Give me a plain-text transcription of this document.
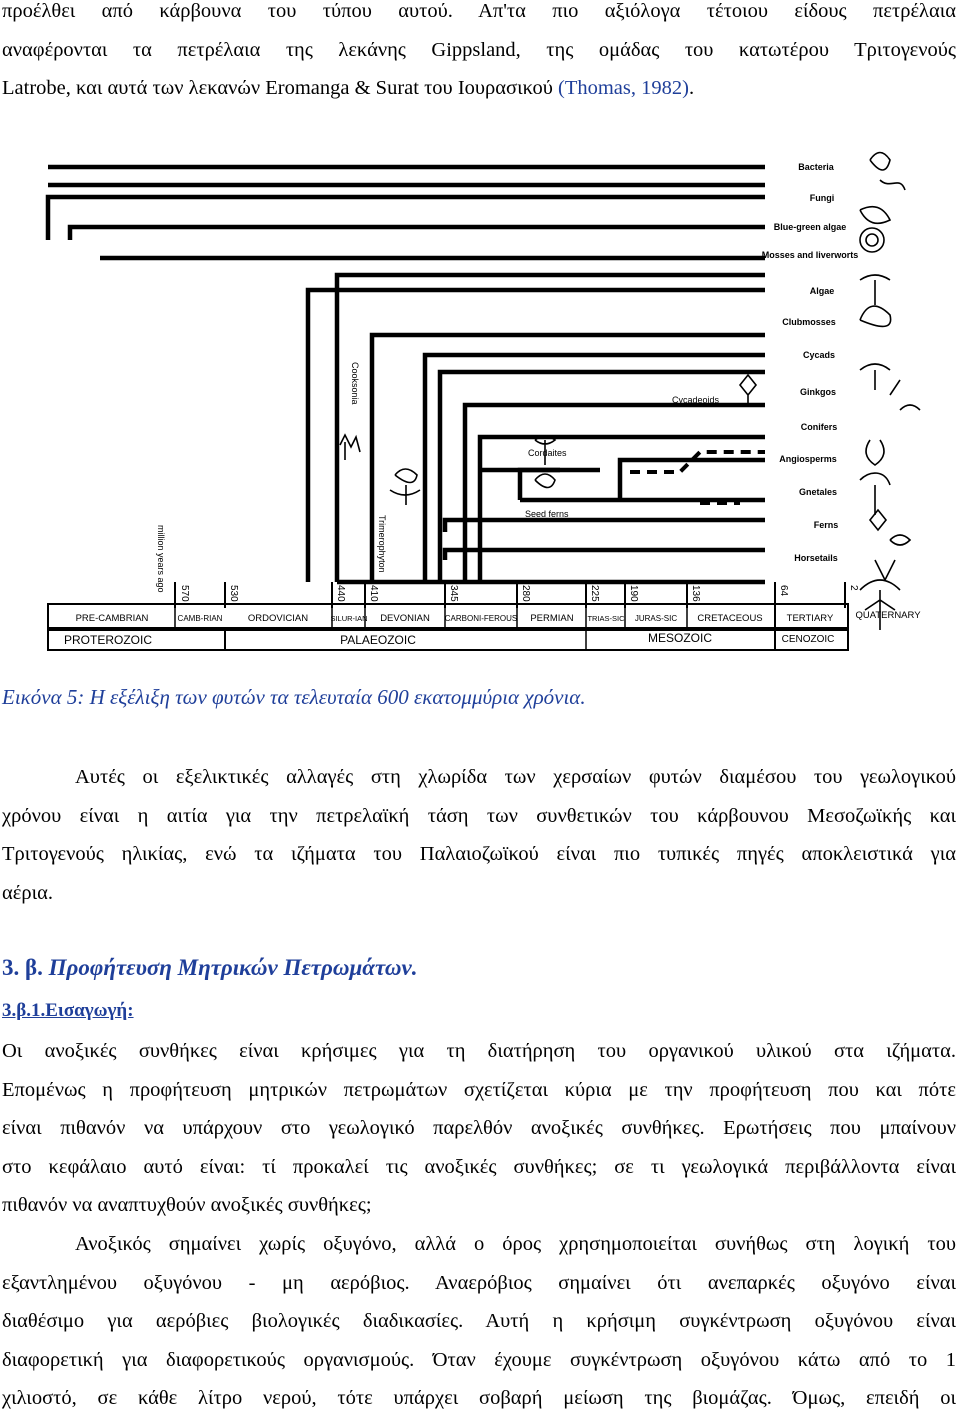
προέλθει από κάρβουνα του τύπου αυτού. Απ'τα πιο αξιόλογα τέτοιου είδους πετρέλαια
αναφέρονται τα πετρέλαια της λεκάνης Gippsland, της ομάδας του κατωτέρου Τριτογενούς
Latrobe, και αυτά των λεκανών Eromanga & Surat του Ιουρασικού (Thomas, 1982).
Bacteria
Fungi
Blue-green algae
Mosses and liverworts
Algae
Clubmosses
Cycads
Ginkgos
Conifers
Angiosperms
Gnetales
Ferns
Horsetails
Cooksonia
Trimerophyton
Cordaites
Seed ferns
Cycadeoids
million years ago
570	530	440 410	345	280	225	190	136	64	2
PRE-CAMBRIAN	CAMB-RIAN	ORDOVICIAN	SILUR-IAN DEVONIAN CARBONI-FEROUS PERMIAN TRIAS-SIC JURAS-SIC CRETACEOUS	TERTIARY QUATERNARY
PROTEROZOIC	PALAEOZOIC	MESOZOIC	CENOZOIC

Εικόνα 5: Η εξέλιξη των φυτών τα τελευταία 600 εκατομμύρια χρόνια.

Αυτές οι εξελικτικές αλλαγές στη χλωρίδα των χερσαίων φυτών διαμέσου του γεωλογικού
χρόνου είναι η αιτία για την πετρελαϊκή τάση των συνθετικών του κάρβουνου Μεσοζωϊκής και
Τριτογενούς ηλικίας, ενώ τα ιζήματα του Παλαιοζωϊκού είναι πιο τυπικές πηγές αποκλειστικά για
αέρια.
3. β. Προφήτευση Μητρικών Πετρωμάτων.
3.β.1.Εισαγωγή:
Οι ανοξικές συνθήκες είναι κρήσιμες για τη διατήρηση του οργανικού υλικού στα ιζήματα.
Επομένως η προφήτευση μητρικών πετρωμάτων σχετίζεται κύρια με την προφήτευση που και πότε
είναι πιθανόν να υπάρχουν στο γεωλογικό παρελθόν ανοξικές συνθήκες. Ερωτήσεις που μπαίνουν
στο κεφάλαιο αυτό είναι: τί προκαλεί τις ανοξικές συνθήκες; σε τι γεωλογικά περιβάλλοντα είναι
πιθανόν να αναπτυχθούν ανοξικές συνθήκες;
Ανοξικός σημαίνει χωρίς οξυγόνο, αλλά ο όρος χρησημοποιείται συνήθως στη λογική του
εξαντλημένου οξυγόνου - μη αερόβιος. Αναερόβιος σημαίνει ότι ανεπαρκές οξυγόνο είναι
διαθέσιμο για αερόβιες βιολογικές διαδικασίες. Αυτή η κρήσιμη συγκέντρωση οξυγόνου είναι
διαφορετική για διαφορετικούς οργανισμούς. Όταν έχουμε συγκέντρωση οξυγόνου κάτω από το 1
χιλιοστό, σε κάθε λίτρο νερού, τότε υπάρχει σοβαρή μείωση της βιομάζας. Όμως, επειδή οι
